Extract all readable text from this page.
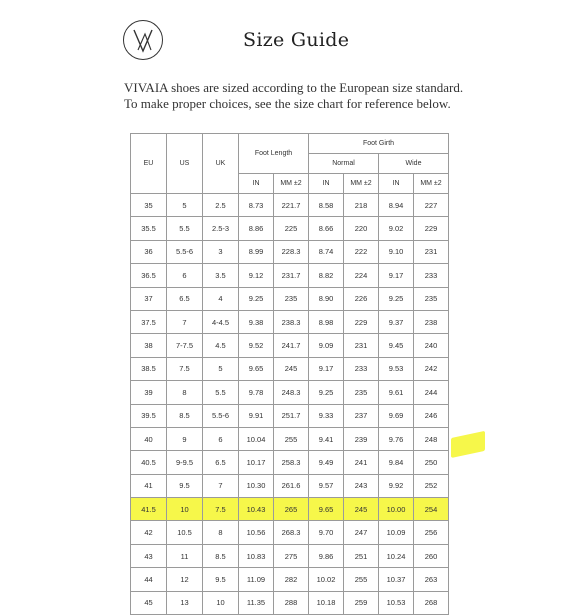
Size Guide
VIVAIA shoes are sized according to the European size standard.
To make proper choices, see the size chart for reference below.
EU	US	UK	Foot Length		Foot Girth			
					Normal		Wide	
			IN	MM ±2	IN	MM ±2	IN	MM ±2
35	5	2.5	8.73	221.7	8.58	218	8.94	227
35.5	5.5	2.5-3	8.86	225	8.66	220	9.02	229
36	5.5-6	3	8.99	228.3	8.74	222	9.10	231
36.5	6	3.5	9.12	231.7	8.82	224	9.17	233
37	6.5	4	9.25	235	8.90	226	9.25	235
37.5	7	4-4.5	9.38	238.3	8.98	229	9.37	238
38	7-7.5	4.5	9.52	241.7	9.09	231	9.45	240
38.5	7.5	5	9.65	245	9.17	233	9.53	242
39	8	5.5	9.78	248.3	9.25	235	9.61	244
39.5	8.5	5.5-6	9.91	251.7	9.33	237	9.69	246
40	9	6	10.04	255	9.41	239	9.76	248
40.5	9-9.5	6.5	10.17	258.3	9.49	241	9.84	250
41	9.5	7	10.30	261.6	9.57	243	9.92	252
41.5	10	7.5	10.43	265	9.65	245	10.00	254
42	10.5	8	10.56	268.3	9.70	247	10.09	256
43	11	8.5	10.83	275	9.86	251	10.24	260
44	12	9.5	11.09	282	10.02	255	10.37	263
45	13	10	11.35	288	10.18	259	10.53	268
